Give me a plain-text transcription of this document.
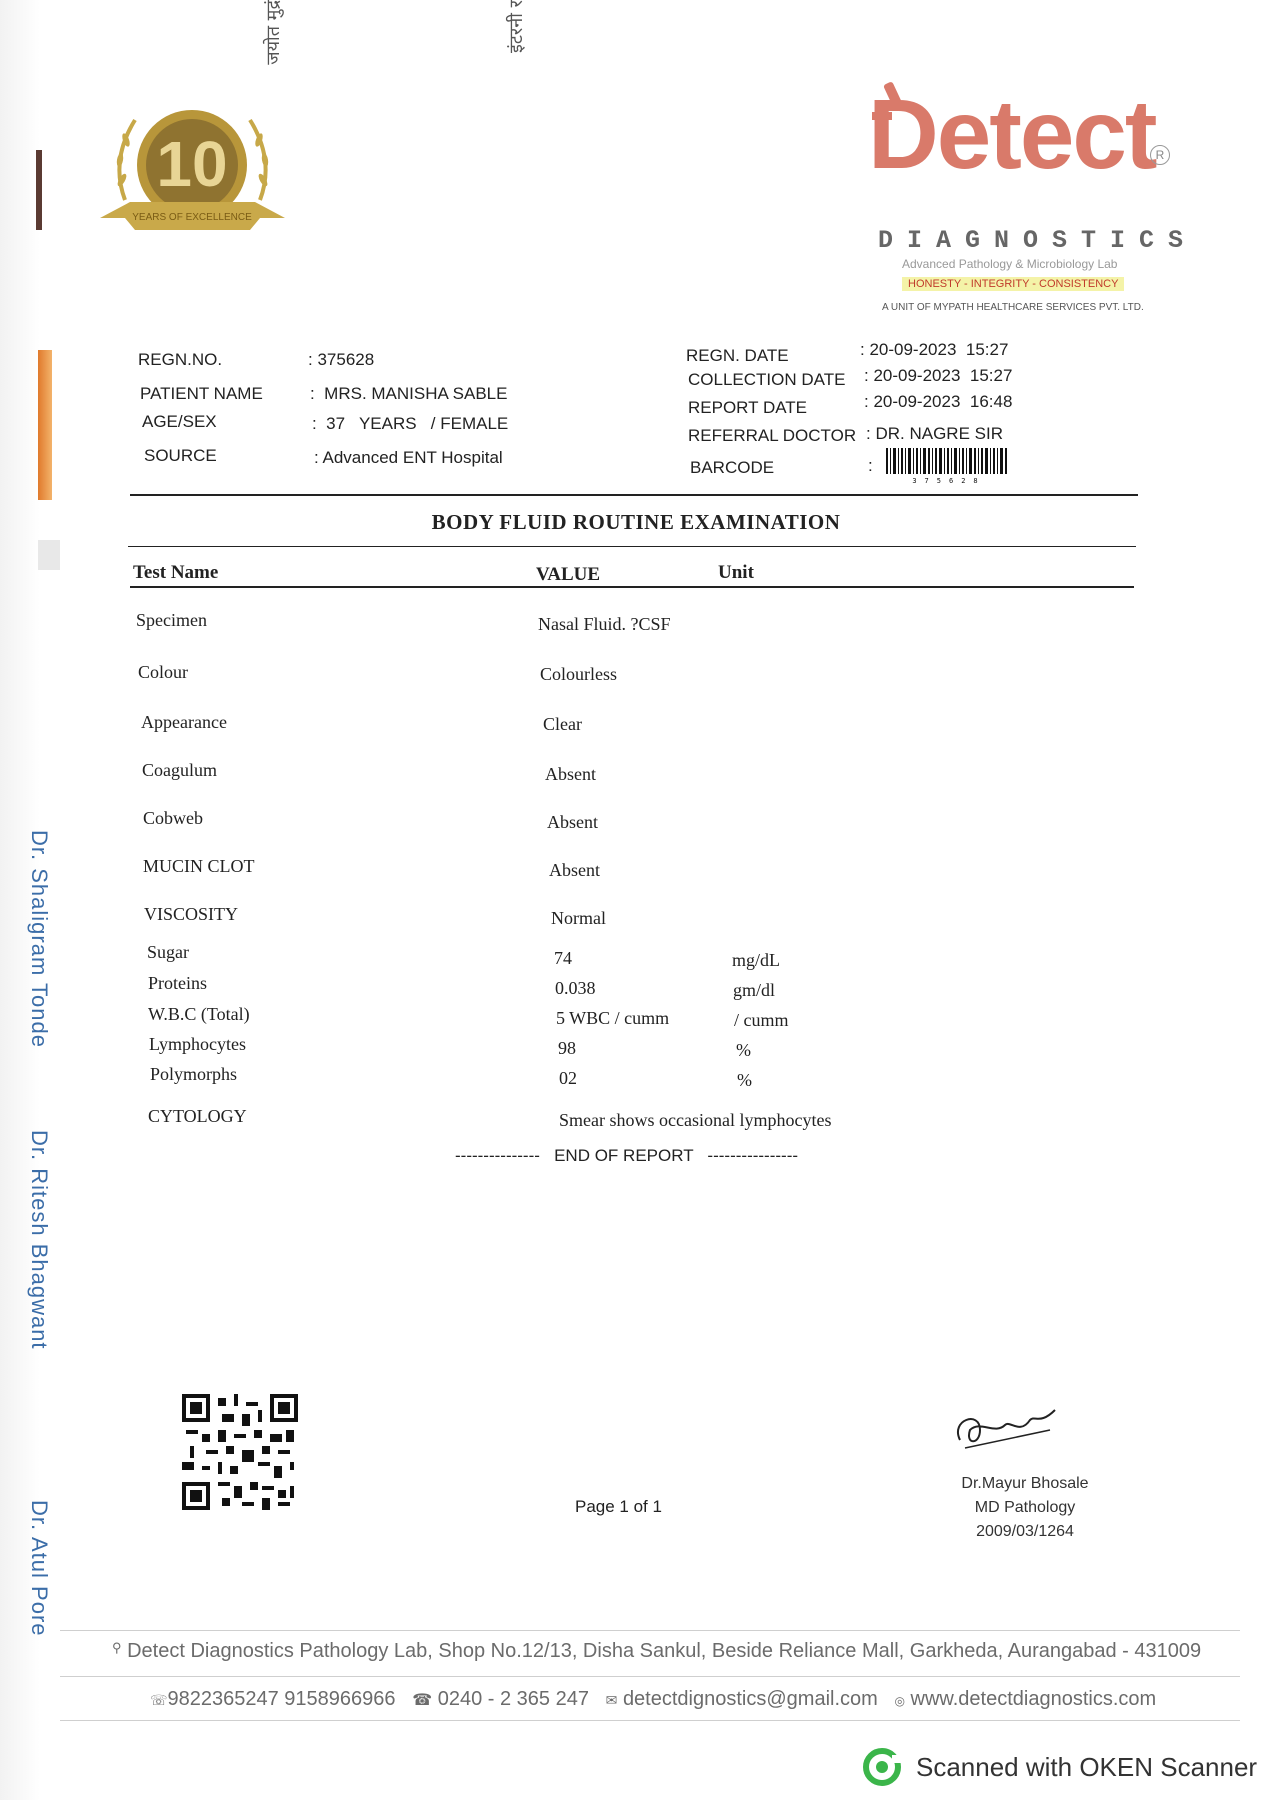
जयोत मुद्रं	इंटरनी र
Dr. Shaligram Tonde
Dr. Ritesh Bhagwant
Dr. Atul Pore
10
YEARS OF EXCELLENCE
Detect R
DIAGNOSTICS
Advanced Pathology & Microbiology Lab
HONESTY - INTEGRITY - CONSISTENCY
A UNIT OF MYPATH HEALTHCARE SERVICES PVT. LTD.
REGN.NO.	: 375628
PATIENT NAME	:  MRS. MANISHA SABLE
AGE/SEX	:  37 YEARS / FEMALE
SOURCE	: Advanced ENT Hospital
REGN. DATE	: 20-09-2023  15:27
COLLECTION DATE : 20-09-2023  15:27
REPORT DATE	: 20-09-2023  16:48
REFERRAL DOCTOR : DR. NAGRE SIR
BARCODE	:
375628
BODY FLUID ROUTINE EXAMINATION
Test Name	VALUE	Unit
Specimen	Nasal Fluid. ?CSF
Colour	Colourless
Appearance	Clear
Coagulum	Absent
Cobweb	Absent
MUCIN CLOT	Absent
VISCOSITY	Normal
Sugar	74	mg/dL
Proteins	0.038	gm/dl
W.B.C (Total)	5 WBC / cumm	/ cumm
Lymphocytes	98	%
Polymorphs	02	%
CYTOLOGY	Smear shows occasional lymphocytes
---------------   END OF REPORT   ----------------
Page 1 of 1
Dr.Mayur Bhosale
MD Pathology
2009/03/1264
⚲ Detect Diagnostics Pathology Lab, Shop No.12/13, Disha Sankul, Beside Reliance Mall, Garkheda, Aurangabad - 431009
☏9822365247 9158966966 ☎ 0240 - 2 365 247 ✉ detectdignostics@gmail.com ◎ www.detectdiagnostics.com
Scanned with OKEN Scanner
